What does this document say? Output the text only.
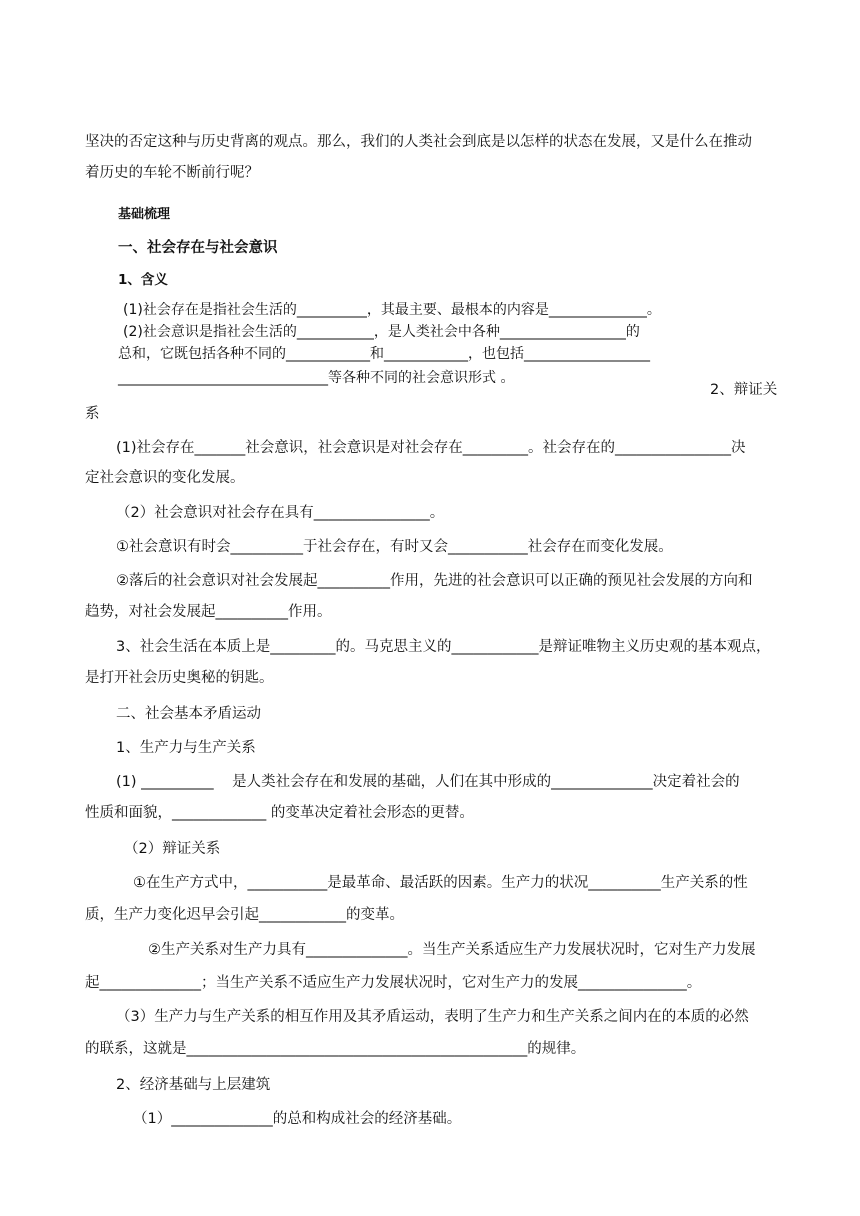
坚决的否定这种与历史背离的观点。那么，我们的人类社会到底是以怎样的状态在发展，又是什么在推动
着历史的车轮不断前行呢？
基础梳理
一、社会存在与社会意识
1、含义
(1)社会存在是指社会生活的__________，其最主要、最根本的内容是______________。
(2)社会意识是指社会生活的___________，是人类社会中各种__________________的
总和，它既包括各种不同的____________和____________，也包括__________________
______________________________等各种不同的社会意识形式 。
2、辩证关
系
(1)社会存在_______社会意识，社会意识是对社会存在_________。社会存在的________________决
定社会意识的变化发展。
（2）社会意识对社会存在具有________________。
①社会意识有时会__________于社会存在，有时又会___________社会存在而变化发展。
②落后的社会意识对社会发展起__________作用，先进的社会意识可以正确的预见社会发展的方向和
趋势，对社会发展起__________作用。
3、社会生活在本质上是_________的。马克思主义的____________是辩证唯物主义历史观的基本观点，
是打开社会历史奥秘的钥匙。
二、社会基本矛盾运动
1、生产力与生产关系
(1) __________    是人类社会存在和发展的基础，人们在其中形成的______________决定着社会的
性质和面貌，_____________ 的变革决定着社会形态的更替。
（2）辩证关系
①在生产方式中，___________是最革命、最活跃的因素。生产力的状况__________生产关系的性
质，生产力变化迟早会引起____________的变革。
②生产关系对生产力具有______________。当生产关系适应生产力发展状况时，它对生产力发展
起______________；当生产关系不适应生产力发展状况时，它对生产力的发展_______________。
（3）生产力与生产关系的相互作用及其矛盾运动，表明了生产力和生产关系之间内在的本质的必然
的联系，这就是_______________________________________________的规律。
2、经济基础与上层建筑
（1）______________的总和构成社会的经济基础。
